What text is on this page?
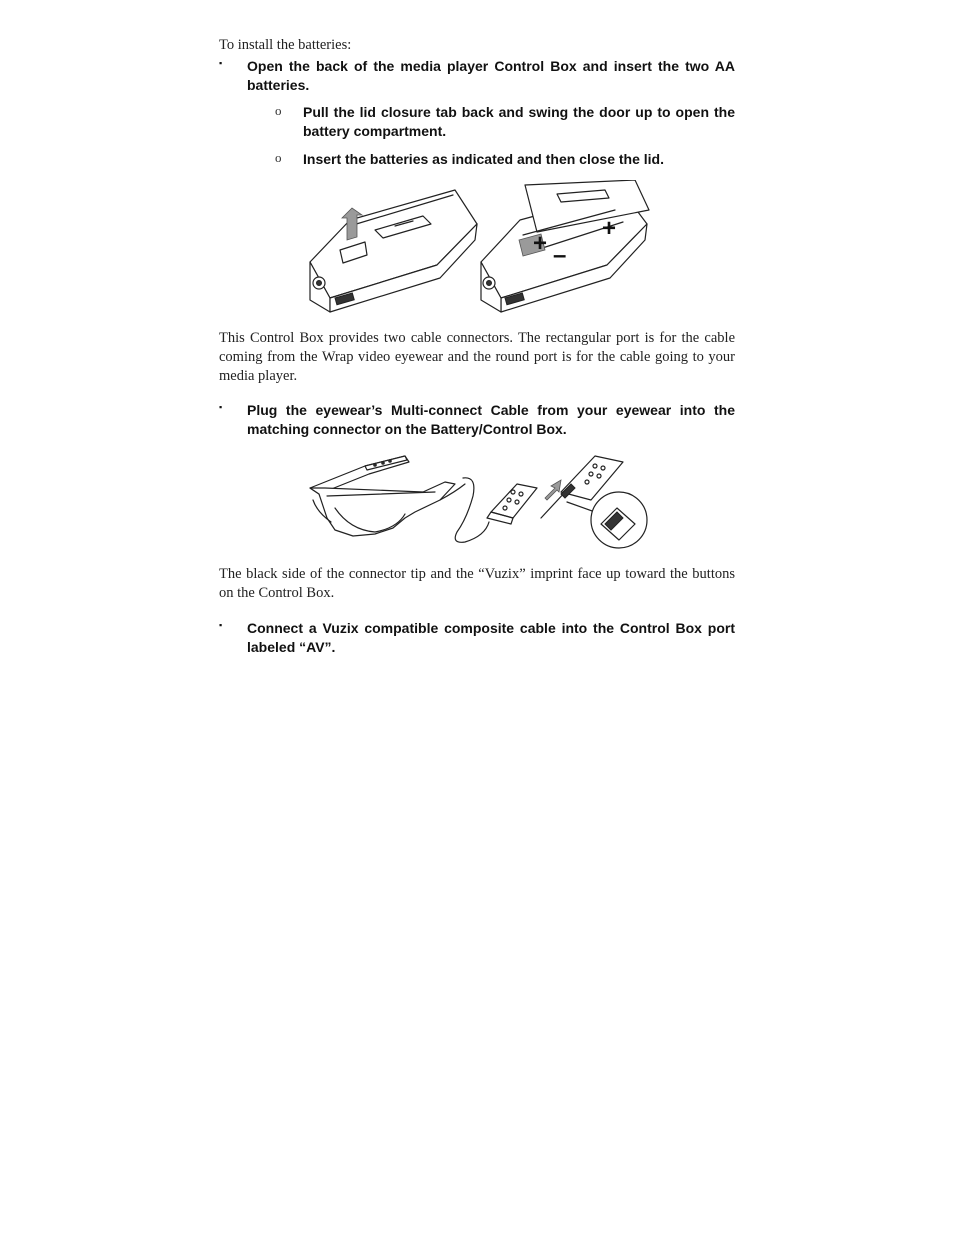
To install the batteries:
▪ Open the back of the media player Control Box and insert the two AA batteries.
o Pull the lid closure tab back and swing the door up to open the battery compartment.
o Insert the batteries as indicated and then close the lid.
+ –
+
This Control Box provides two cable connectors. The rectangular port is for the cable coming from the Wrap video eyewear and the round port is for the cable going to your media player.
▪ Plug the eyewear’s Multi-connect Cable from your eyewear into the matching connector on the Battery/Control Box.
The black side of the connector tip and the “Vuzix” imprint face up toward the buttons on the Control Box.
▪ Connect a Vuzix compatible composite cable into the Control Box port labeled “AV”.
